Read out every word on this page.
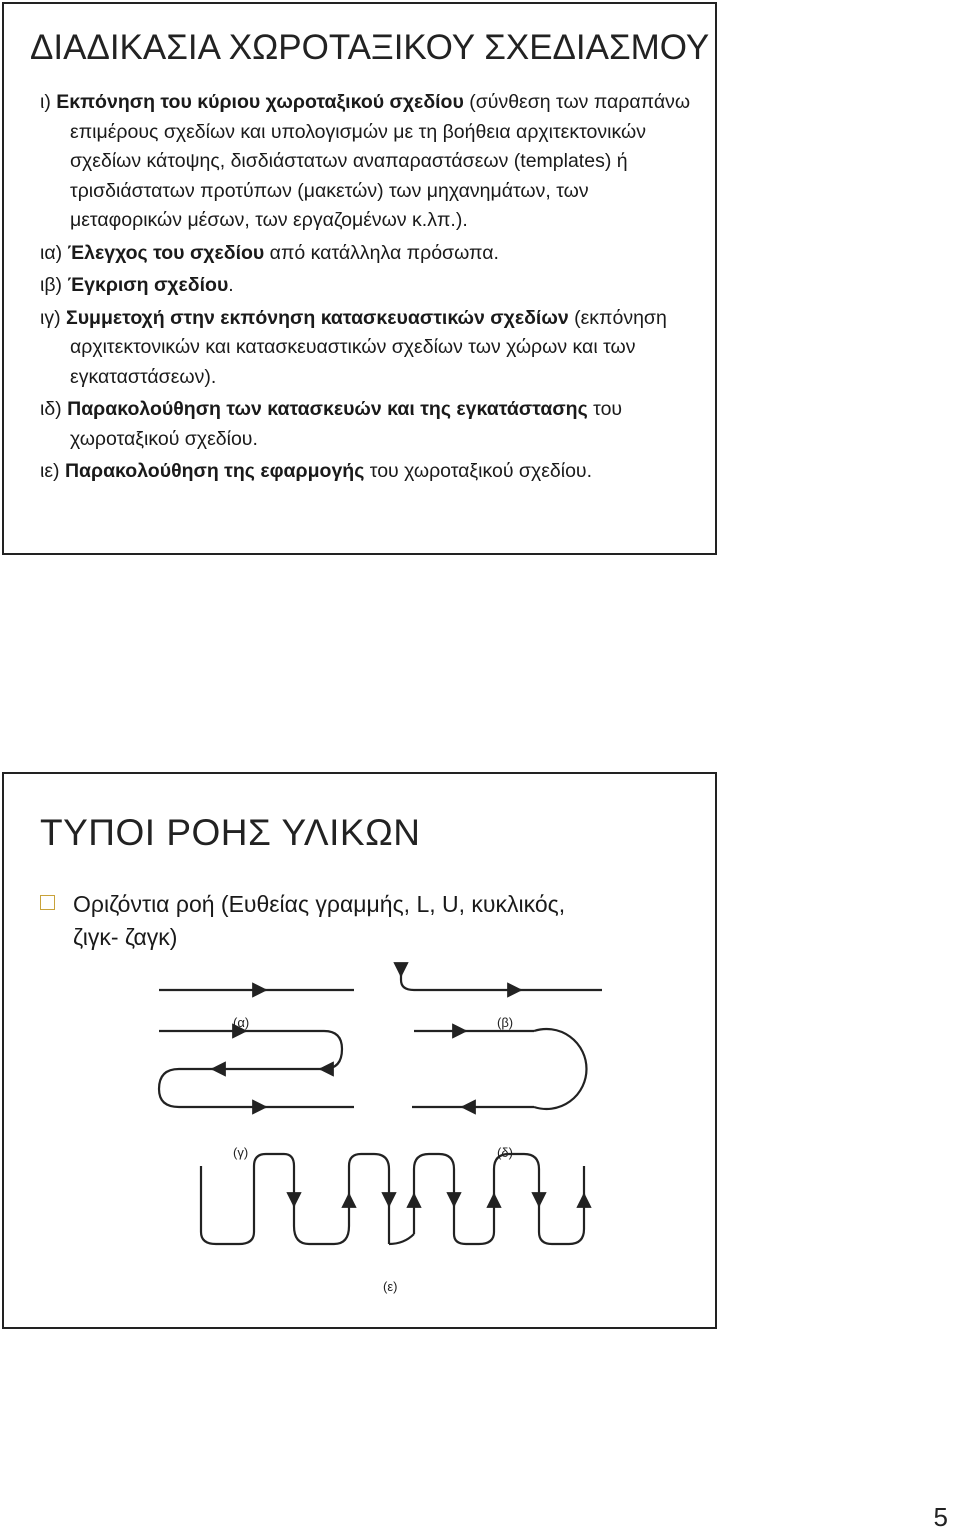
ΔΙΑΔΙΚΑΣΙΑ ΧΩΡΟΤΑΞΙΚΟΥ ΣΧΕΔΙΑΣΜΟΥ
ι) Εκπόνηση του κύριου χωροταξικού σχεδίου (σύνθεση των παραπάνω επιμέρους σχεδίων και υπολογισμών με τη βοήθεια αρχιτεκτονικών σχεδίων κάτοψης, δισδιάστατων αναπαραστάσεων (templates) ή τρισδιάστατων προτύπων (μακετών) των μηχανημάτων, των μεταφορικών μέσων, των εργαζομένων κ.λπ.).
ια) Έλεγχος του σχεδίου από κατάλληλα πρόσωπα.
ιβ) Έγκριση σχεδίου.
ιγ) Συμμετοχή στην εκπόνηση κατασκευαστικών σχεδίων (εκπόνηση αρχιτεκτονικών και κατασκευαστικών σχεδίων των χώρων και των εγκαταστάσεων).
ιδ) Παρακολούθηση των κατασκευών και της εγκατάστασης του χωροταξικού σχεδίου.
ιε) Παρακολούθηση της εφαρμογής του χωροταξικού σχεδίου.
ΤΥΠΟΙ ΡΟΗΣ ΥΛΙΚΩΝ
Οριζόντια ροή (Ευθείας γραμμής, L, U, κυκλικός,
ζιγκ- ζαγκ)
(α)	(β)
(γ)	(δ)
(ε)
5
